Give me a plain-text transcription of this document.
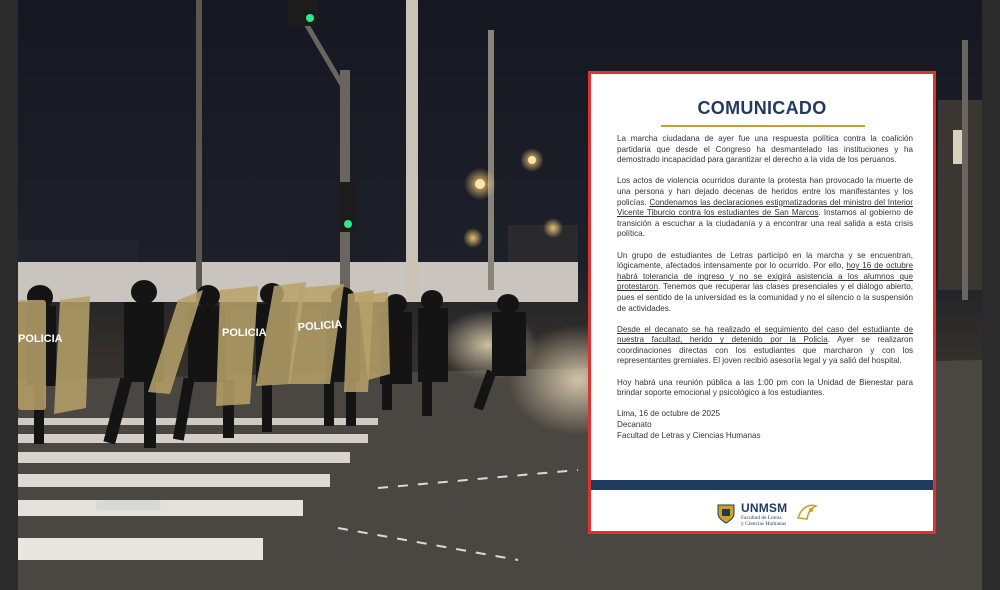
POLICIA	POLICIA	POLICIA
COMUNICADO

La marcha ciudadana de ayer fue una respuesta política contra la coalición partidaria que desde el Congreso ha desmantelado las instituciones y ha demostrado incapacidad para garantizar el derecho a la vida de los peruanos.

Los actos de violencia ocurridos durante la protesta han provocado la muerte de una persona y han dejado decenas de heridos entre los manifestantes y los policías. Condenamos las declaraciones estigmatizadoras del ministro del Interior Vicente Tiburcio contra los estudiantes de San Marcos. Instamos al gobierno de transición a escuchar a la ciudadanía y a encontrar una real salida a esta crisis política.

Un grupo de estudiantes de Letras participó en la marcha y se encuentran, lógicamente, afectados intensamente por lo ocurrido. Por ello, hoy 16 de octubre habrá tolerancia de ingreso y no se exigirá asistencia a los alumnos que protestaron. Tenemos que recuperar las clases presenciales y el diálogo abierto, pues el sentido de la universidad es la comunidad y no el silencio o la suspensión de actividades.

Desde el decanato se ha realizado el seguimiento del caso del estudiante de nuestra facultad, herido y detenido por la Policía. Ayer se realizaron coordinaciones directas con los estudiantes que marcharon y con los representantes gremiales. El joven recibió asesoría legal y ya salió del hospital.

Hoy habrá una reunión pública a las 1:00 pm con la Unidad de Bienestar para brindar soporte emocional y psicológico a los estudiantes.

Lima, 16 de octubre de 2025
Decanato
Facultad de Letras y Ciencias Humanas
UNMSM
Facultad de Letras
y Ciencias Humanas
